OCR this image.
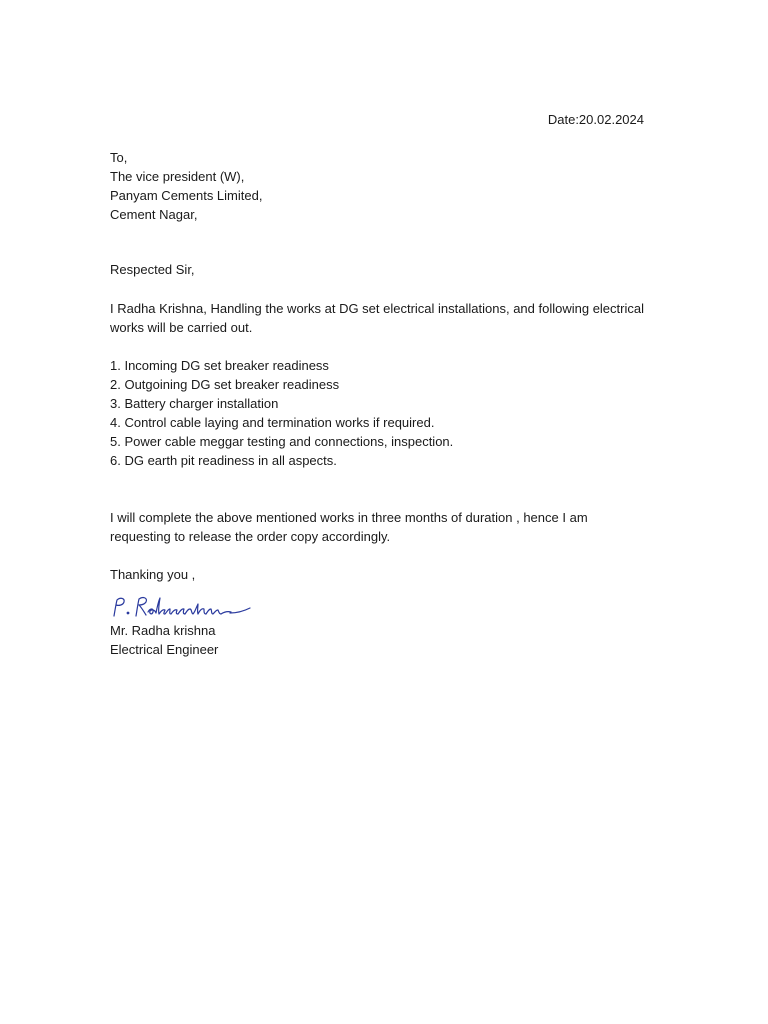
Date:20.02.2024
To,
The vice president (W),
Panyam Cements Limited,
Cement Nagar,
Respected Sir,
I Radha Krishna, Handling the works at DG set electrical installations, and following electrical works will be carried out.
1. Incoming DG set breaker readiness
2. Outgoining DG set breaker readiness
3. Battery charger installation
4. Control cable laying and termination works if required.
5. Power cable meggar testing and connections, inspection.
6. DG earth pit readiness in all aspects.
I will complete the above mentioned works in three months of duration , hence I am requesting to release the order copy accordingly.
Thanking you ,
Mr. Radha krishna
Electrical Engineer
